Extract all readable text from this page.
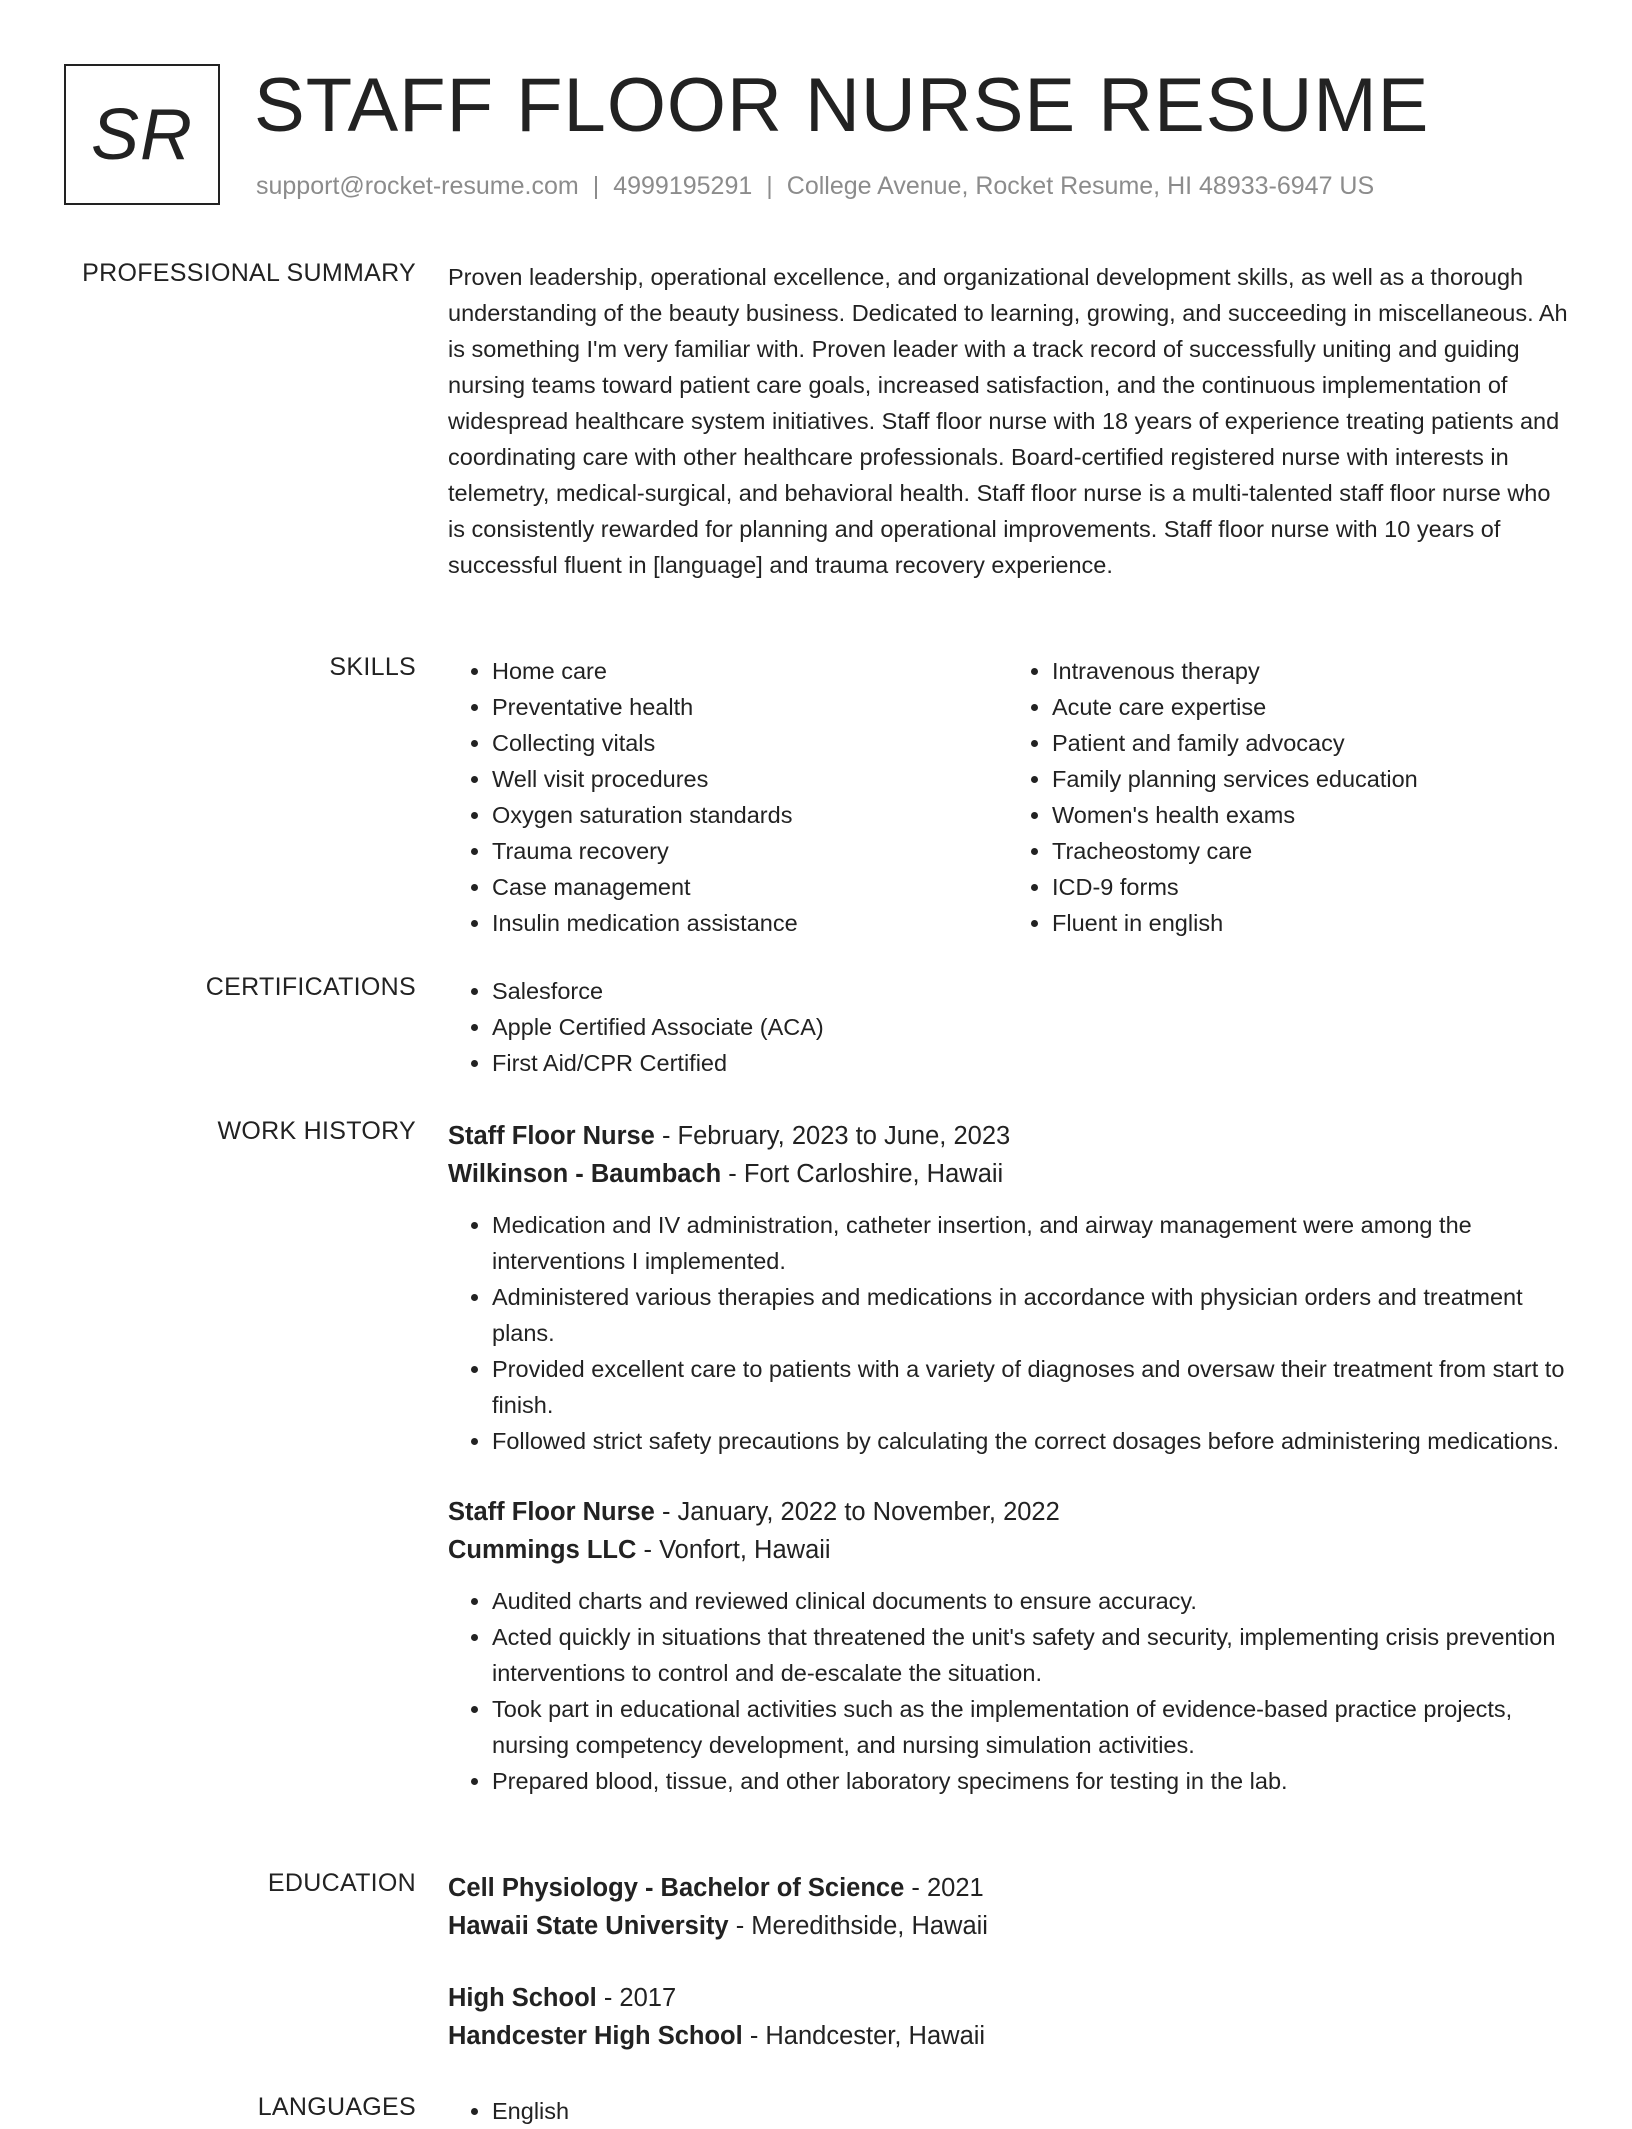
SR STAFF FLOOR NURSE RESUME
support@rocket-resume.com | 4999195291 | College Avenue, Rocket Resume, HI 48933-6947 US
PROFESSIONAL SUMMARY Proven leadership, operational excellence, and organizational development skills, as well as a thorough understanding of the beauty business. Dedicated to learning, growing, and succeeding in miscellaneous. Ah is something I'm very familiar with. Proven leader with a track record of successfully uniting and guiding nursing teams toward patient care goals, increased satisfaction, and the continuous implementation of widespread healthcare system initiatives. Staff floor nurse with 18 years of experience treating patients and coordinating care with other healthcare professionals. Board-certified registered nurse with interests in telemetry, medical-surgical, and behavioral health. Staff floor nurse is a multi-talented staff floor nurse who is consistently rewarded for planning and operational improvements. Staff floor nurse with 10 years of successful fluent in [language] and trauma recovery experience.
SKILLS	• Home care
• Preventative health
• Collecting vitals
• Well visit procedures
• Oxygen saturation standards
• Trauma recovery
• Case management
• Insulin medication assistance
• Intravenous therapy
• Acute care expertise
• Patient and family advocacy
• Family planning services education
• Women's health exams
• Tracheostomy care
• ICD-9 forms
• Fluent in english
CERTIFICATIONS	• Salesforce
• Apple Certified Associate (ACA)
• First Aid/CPR Certified
WORK HISTORY Staff Floor Nurse - February, 2023 to June, 2023
Wilkinson - Baumbach - Fort Carloshire, Hawaii
• Medication and IV administration, catheter insertion, and airway management were among the interventions I implemented.
• Administered various therapies and medications in accordance with physician orders and treatment plans.
• Provided excellent care to patients with a variety of diagnoses and oversaw their treatment from start to finish.
• Followed strict safety precautions by calculating the correct dosages before administering medications.
Staff Floor Nurse - January, 2022 to November, 2022
Cummings LLC - Vonfort, Hawaii
• Audited charts and reviewed clinical documents to ensure accuracy.
• Acted quickly in situations that threatened the unit's safety and security, implementing crisis prevention interventions to control and de-escalate the situation.
• Took part in educational activities such as the implementation of evidence-based practice projects, nursing competency development, and nursing simulation activities.
• Prepared blood, tissue, and other laboratory specimens for testing in the lab.
EDUCATION Cell Physiology - Bachelor of Science - 2021
Hawaii State University - Meredithside, Hawaii
High School - 2017
Handcester High School - Handcester, Hawaii
LANGUAGES	• English
